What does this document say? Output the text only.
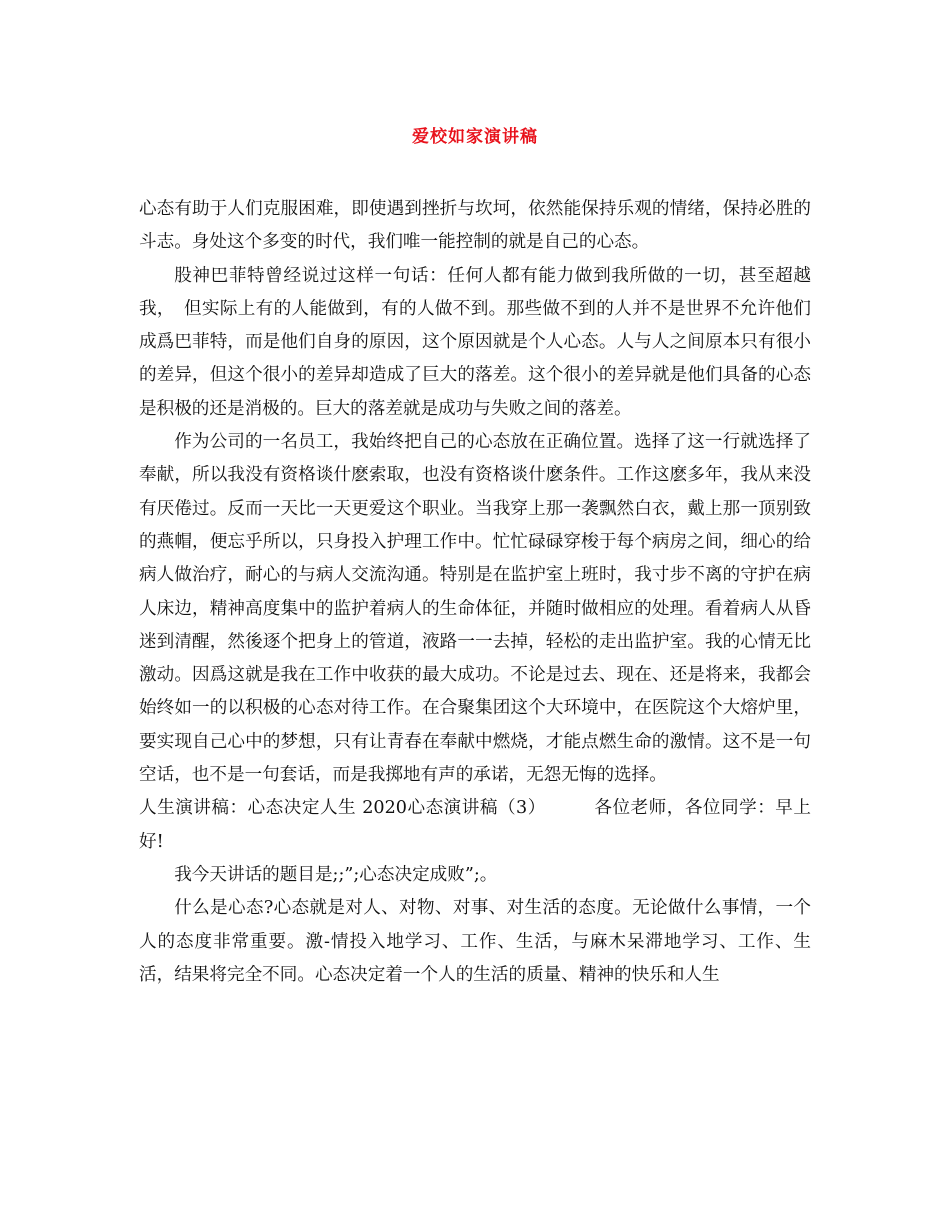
爱校如家演讲稿

心态有助于人们克服困难，即使遇到挫折与坎坷，依然能保持乐观的情绪，保持必胜的斗志。身处这个多变的时代，我们唯一能控制的就是自己的心态。

股神巴菲特曾经说过这样一句话：任何人都有能力做到我所做的一切，甚至超越我，　但实际上有的人能做到，有的人做不到。那些做不到的人并不是世界不允许他们成爲巴菲特，而是他们自身的原因，这个原因就是个人心态。人与人之间原本只有很小的差异，但这个很小的差异却造成了巨大的落差。这个很小的差异就是他们具备的心态是积极的还是消极的。巨大的落差就是成功与失败之间的落差。

作为公司的一名员工，我始终把自己的心态放在正确位置。选择了这一行就选择了奉献，所以我没有资格谈什麽索取，也没有资格谈什麽条件。工作这麽多年，我从来没有厌倦过。反而一天比一天更爱这个职业。当我穿上那一袭飘然白衣，戴上那一顶别致的燕帽，便忘乎所以，只身投入护理工作中。忙忙碌碌穿梭于每个病房之间，细心的给病人做治疗，耐心的与病人交流沟通。特别是在监护室上班时，我寸步不离的守护在病人床边，精神高度集中的监护着病人的生命体征，并随时做相应的处理。看着病人从昏迷到清醒，然後逐个把身上的管道，液路一一去掉，轻松的走出监护室。我的心情无比激动。因爲这就是我在工作中收获的最大成功。不论是过去、现在、还是将来，我都会始终如一的以积极的心态对待工作。在合聚集团这个大环境中，在医院这个大熔炉里，要实现自己心中的梦想，只有让青春在奉献中燃烧，才能点燃生命的激情。这不是一句空话，也不是一句套话，而是我掷地有声的承诺，无怨无悔的选择。

人生演讲稿：心态决定人生 2020心态演讲稿（3）	各位老师，各位同学：早上好!

我今天讲话的题目是;;”;心态决定成败”;。

什么是心态?心态就是对人、对物、对事、对生活的态度。无论做什么事情，一个人的态度非常重要。激-情投入地学习、工作、生活，与麻木呆滞地学习、工作、生活，结果将完全不同。心态决定着一个人的生活的质量、精神的快乐和人生
